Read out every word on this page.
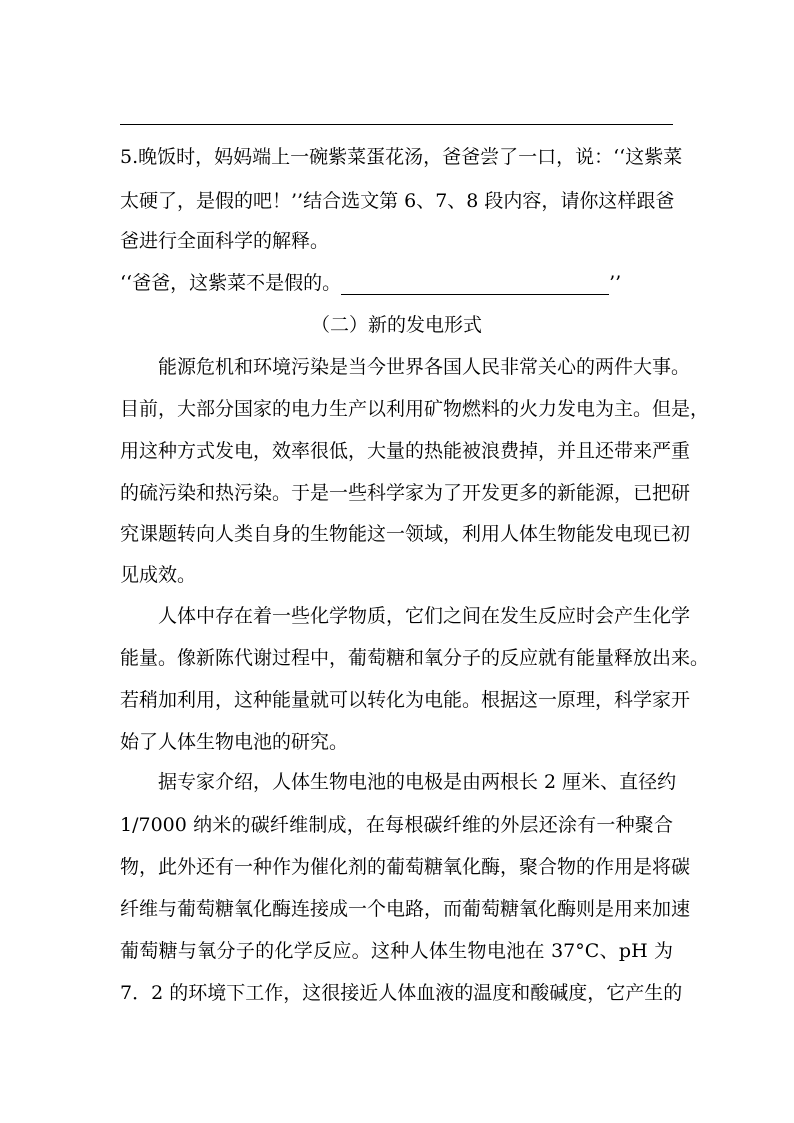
5.晚饭时，妈妈端上一碗紫菜蛋花汤，爸爸尝了一口，说：‘‘这紫菜
太硬了，是假的吧！’’结合选文第 6、7、8 段内容，请你这样跟爸
爸进行全面科学的解释。
‘‘爸爸，这紫菜不是假的。	’’
（二）新的发电形式
能源危机和环境污染是当今世界各国人民非常关心的两件大事。
目前，大部分国家的电力生产以利用矿物燃料的火力发电为主。但是，
用这种方式发电，效率很低，大量的热能被浪费掉，并且还带来严重
的硫污染和热污染。于是一些科学家为了开发更多的新能源，已把研
究课题转向人类自身的生物能这一领域，利用人体生物能发电现已初
见成效。
人体中存在着一些化学物质，它们之间在发生反应时会产生化学
能量。像新陈代谢过程中，葡萄糖和氧分子的反应就有能量释放出来。
若稍加利用，这种能量就可以转化为电能。根据这一原理，科学家开
始了人体生物电池的研究。
据专家介绍，人体生物电池的电极是由两根长 2 厘米、直径约
1/7000 纳米的碳纤维制成，在每根碳纤维的外层还涂有一种聚合
物，此外还有一种作为催化剂的葡萄糖氧化酶，聚合物的作用是将碳
纤维与葡萄糖氧化酶连接成一个电路，而葡萄糖氧化酶则是用来加速
葡萄糖与氧分子的化学反应。这种人体生物电池在 37°C、pH 为
7．2 的环境下工作，这很接近人体血液的温度和酸碱度，它产生的
